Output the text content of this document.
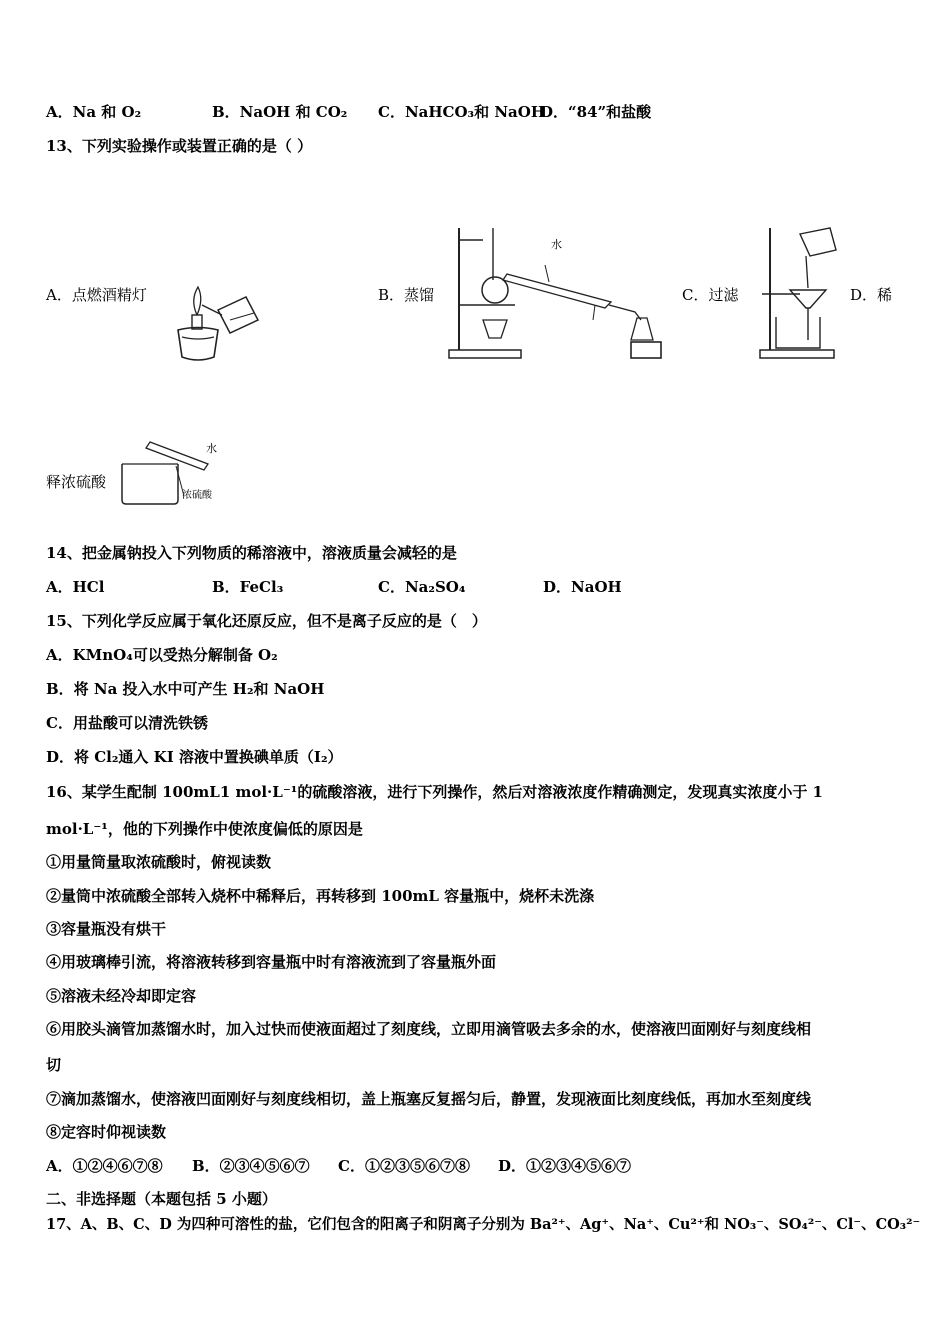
A．Na 和 O₂	B．NaOH 和 CO₂ C．NaHCO₃和 NaOH
D．“84”和盐酸
13、下列实验操作或装置正确的是（ ）
A．点燃酒精灯	B．蒸馏
水
C．过滤	D．稀
释浓硫酸
水
浓硫酸
14、把金属钠投入下列物质的稀溶液中，溶液质量会减轻的是
A．HCl	B．FeCl₃	C．Na₂SO₄	D．NaOH
15、下列化学反应属于氧化还原反应，但不是离子反应的是（　）
A．KMnO₄可以受热分解制备 O₂
B．将 Na 投入水中可产生 H₂和 NaOH
C．用盐酸可以清洗铁锈
D．将 Cl₂通入 KI 溶液中置换碘单质（I₂）
16、某学生配制 100mL1 mol·L⁻¹的硫酸溶液，进行下列操作，然后对溶液浓度作精确测定，发现真实浓度小于 1
mol·L⁻¹，他的下列操作中使浓度偏低的原因是
①用量筒量取浓硫酸时，俯视读数
②量筒中浓硫酸全部转入烧杯中稀释后，再转移到 100mL 容量瓶中，烧杯未洗涤
③容量瓶没有烘干
④用玻璃棒引流，将溶液转移到容量瓶中时有溶液流到了容量瓶外面
⑤溶液未经冷却即定容
⑥用胶头滴管加蒸馏水时，加入过快而使液面超过了刻度线，立即用滴管吸去多余的水，使溶液凹面刚好与刻度线相
切
⑦滴加蒸馏水，使溶液凹面刚好与刻度线相切，盖上瓶塞反复摇匀后，静置，发现液面比刻度线低，再加水至刻度线
⑧定容时仰视读数
A．①②④⑥⑦⑧ B．②③④⑤⑥⑦ C．①②③⑤⑥⑦⑧ D．①②③④⑤⑥⑦
二、非选择题（本题包括 5 小题）
17、A、B、C、D 为四种可溶性的盐，它们包含的阳离子和阴离子分别为 Ba²⁺、Ag⁺、Na⁺、Cu²⁺和 NO₃⁻、SO₄²⁻、Cl⁻、CO₃²⁻
